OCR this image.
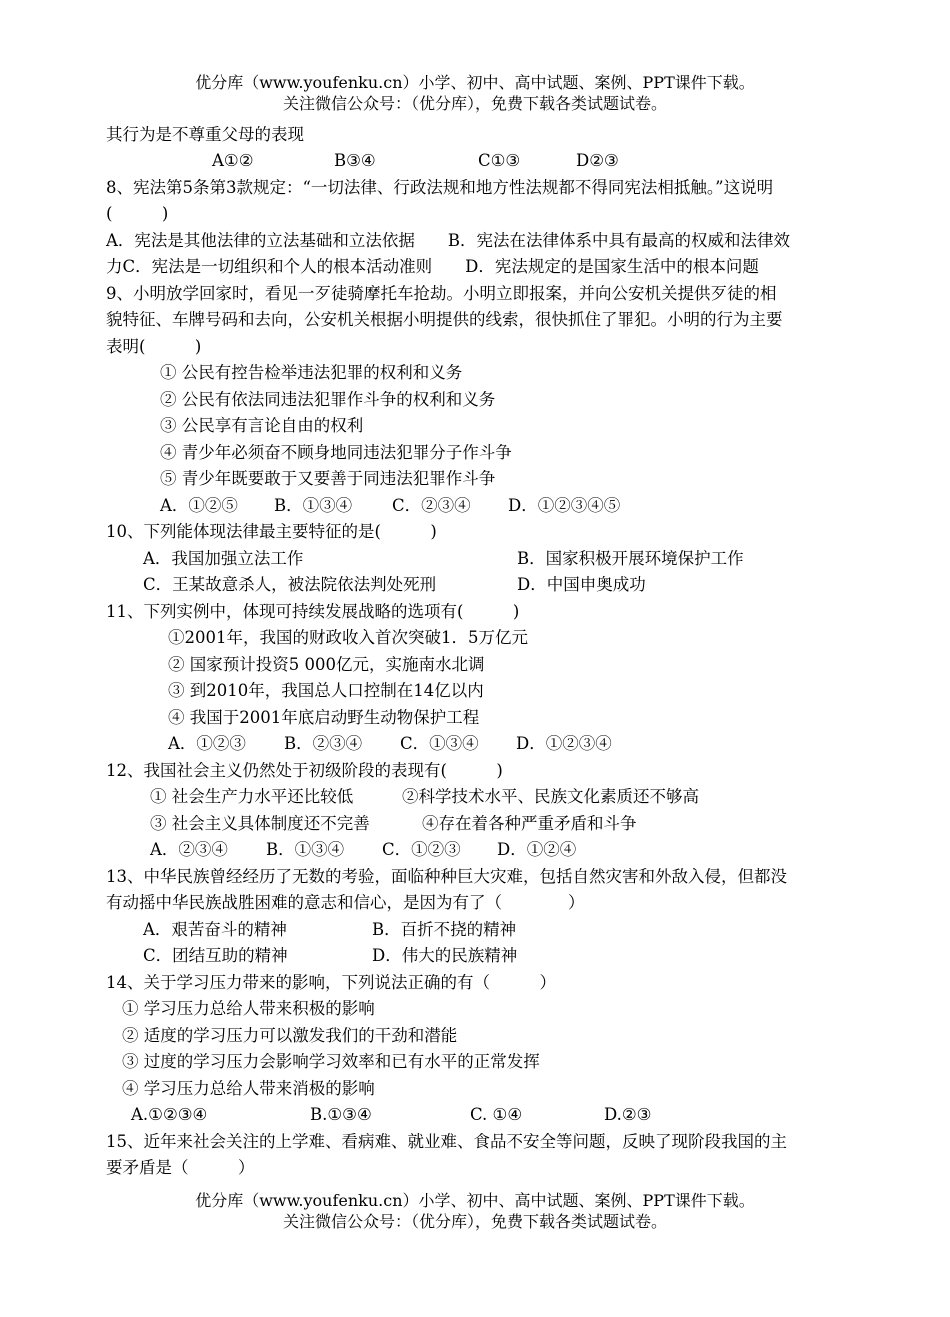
优分库（www.youfenku.cn）小学、初中、高中试题、案例、PPT课件下载。
关注微信公众号：（优分库），免费下载各类试题试卷。
其行为是不尊重父母的表现
A①②	B③④	C①③	D②③
8、宪法第5条第3款规定：“一切法律、行政法规和地方性法规都不得同宪法相抵触。”这说明
(　　　)
A．宪法是其他法律的立法基础和立法依据　　B．宪法在法律体系中具有最高的权威和法律效
力C．宪法是一切组织和个人的根本活动准则　　D．宪法规定的是国家生活中的根本问题
9、小明放学回家时，看见一歹徒骑摩托车抢劫。小明立即报案，并向公安机关提供歹徒的相
貌特征、车牌号码和去向，公安机关根据小明提供的线索，很快抓住了罪犯。小明的行为主要
表明(　　　)
① 公民有控告检举违法犯罪的权利和义务
② 公民有依法同违法犯罪作斗争的权利和义务
③ 公民享有言论自由的权利
④ 青少年必须奋不顾身地同违法犯罪分子作斗争
⑤ 青少年既要敢于又要善于同违法犯罪作斗争
A．①②⑤ B．①③④ C．②③④ D．①②③④⑤
10、下列能体现法律最主要特征的是(　　　)
A．我国加强立法工作	B．国家积极开展环境保护工作
C．王某故意杀人，被法院依法判处死刑	D．中国申奥成功
11、下列实例中，体现可持续发展战略的选项有(　　　)
①2001年，我国的财政收入首次突破1．5万亿元
② 国家预计投资5 000亿元，实施南水北调
③ 到2010年，我国总人口控制在14亿以内
④ 我国于2001年底启动野生动物保护工程
A．①②③ B．②③④ C．①③④ D．①②③④
12、我国社会主义仍然处于初级阶段的表现有(　　　)
① 社会生产力水平还比较低	②科学技术水平、民族文化素质还不够高
③ 社会主义具体制度还不完善	④存在着各种严重矛盾和斗争
A．②③④ B．①③④ C．①②③ D．①②④
13、中华民族曾经经历了无数的考验，面临种种巨大灾难，包括自然灾害和外敌入侵，但都没
有动摇中华民族战胜困难的意志和信心，是因为有了（　　　　）
A．艰苦奋斗的精神	B．百折不挠的精神
C．团结互助的精神	D．伟大的民族精神
14、关于学习压力带来的影响，下列说法正确的有（　　　）
① 学习压力总给人带来积极的影响
② 适度的学习压力可以激发我们的干劲和潜能
③ 过度的学习压力会影响学习效率和已有水平的正常发挥
④ 学习压力总给人带来消极的影响
A.①②③④	B.①③④	C. ①④	D.②③
15、近年来社会关注的上学难、看病难、就业难、食品不安全等问题，反映了现阶段我国的主
要矛盾是（　　　）
优分库（www.youfenku.cn）小学、初中、高中试题、案例、PPT课件下载。
关注微信公众号：（优分库），免费下载各类试题试卷。
